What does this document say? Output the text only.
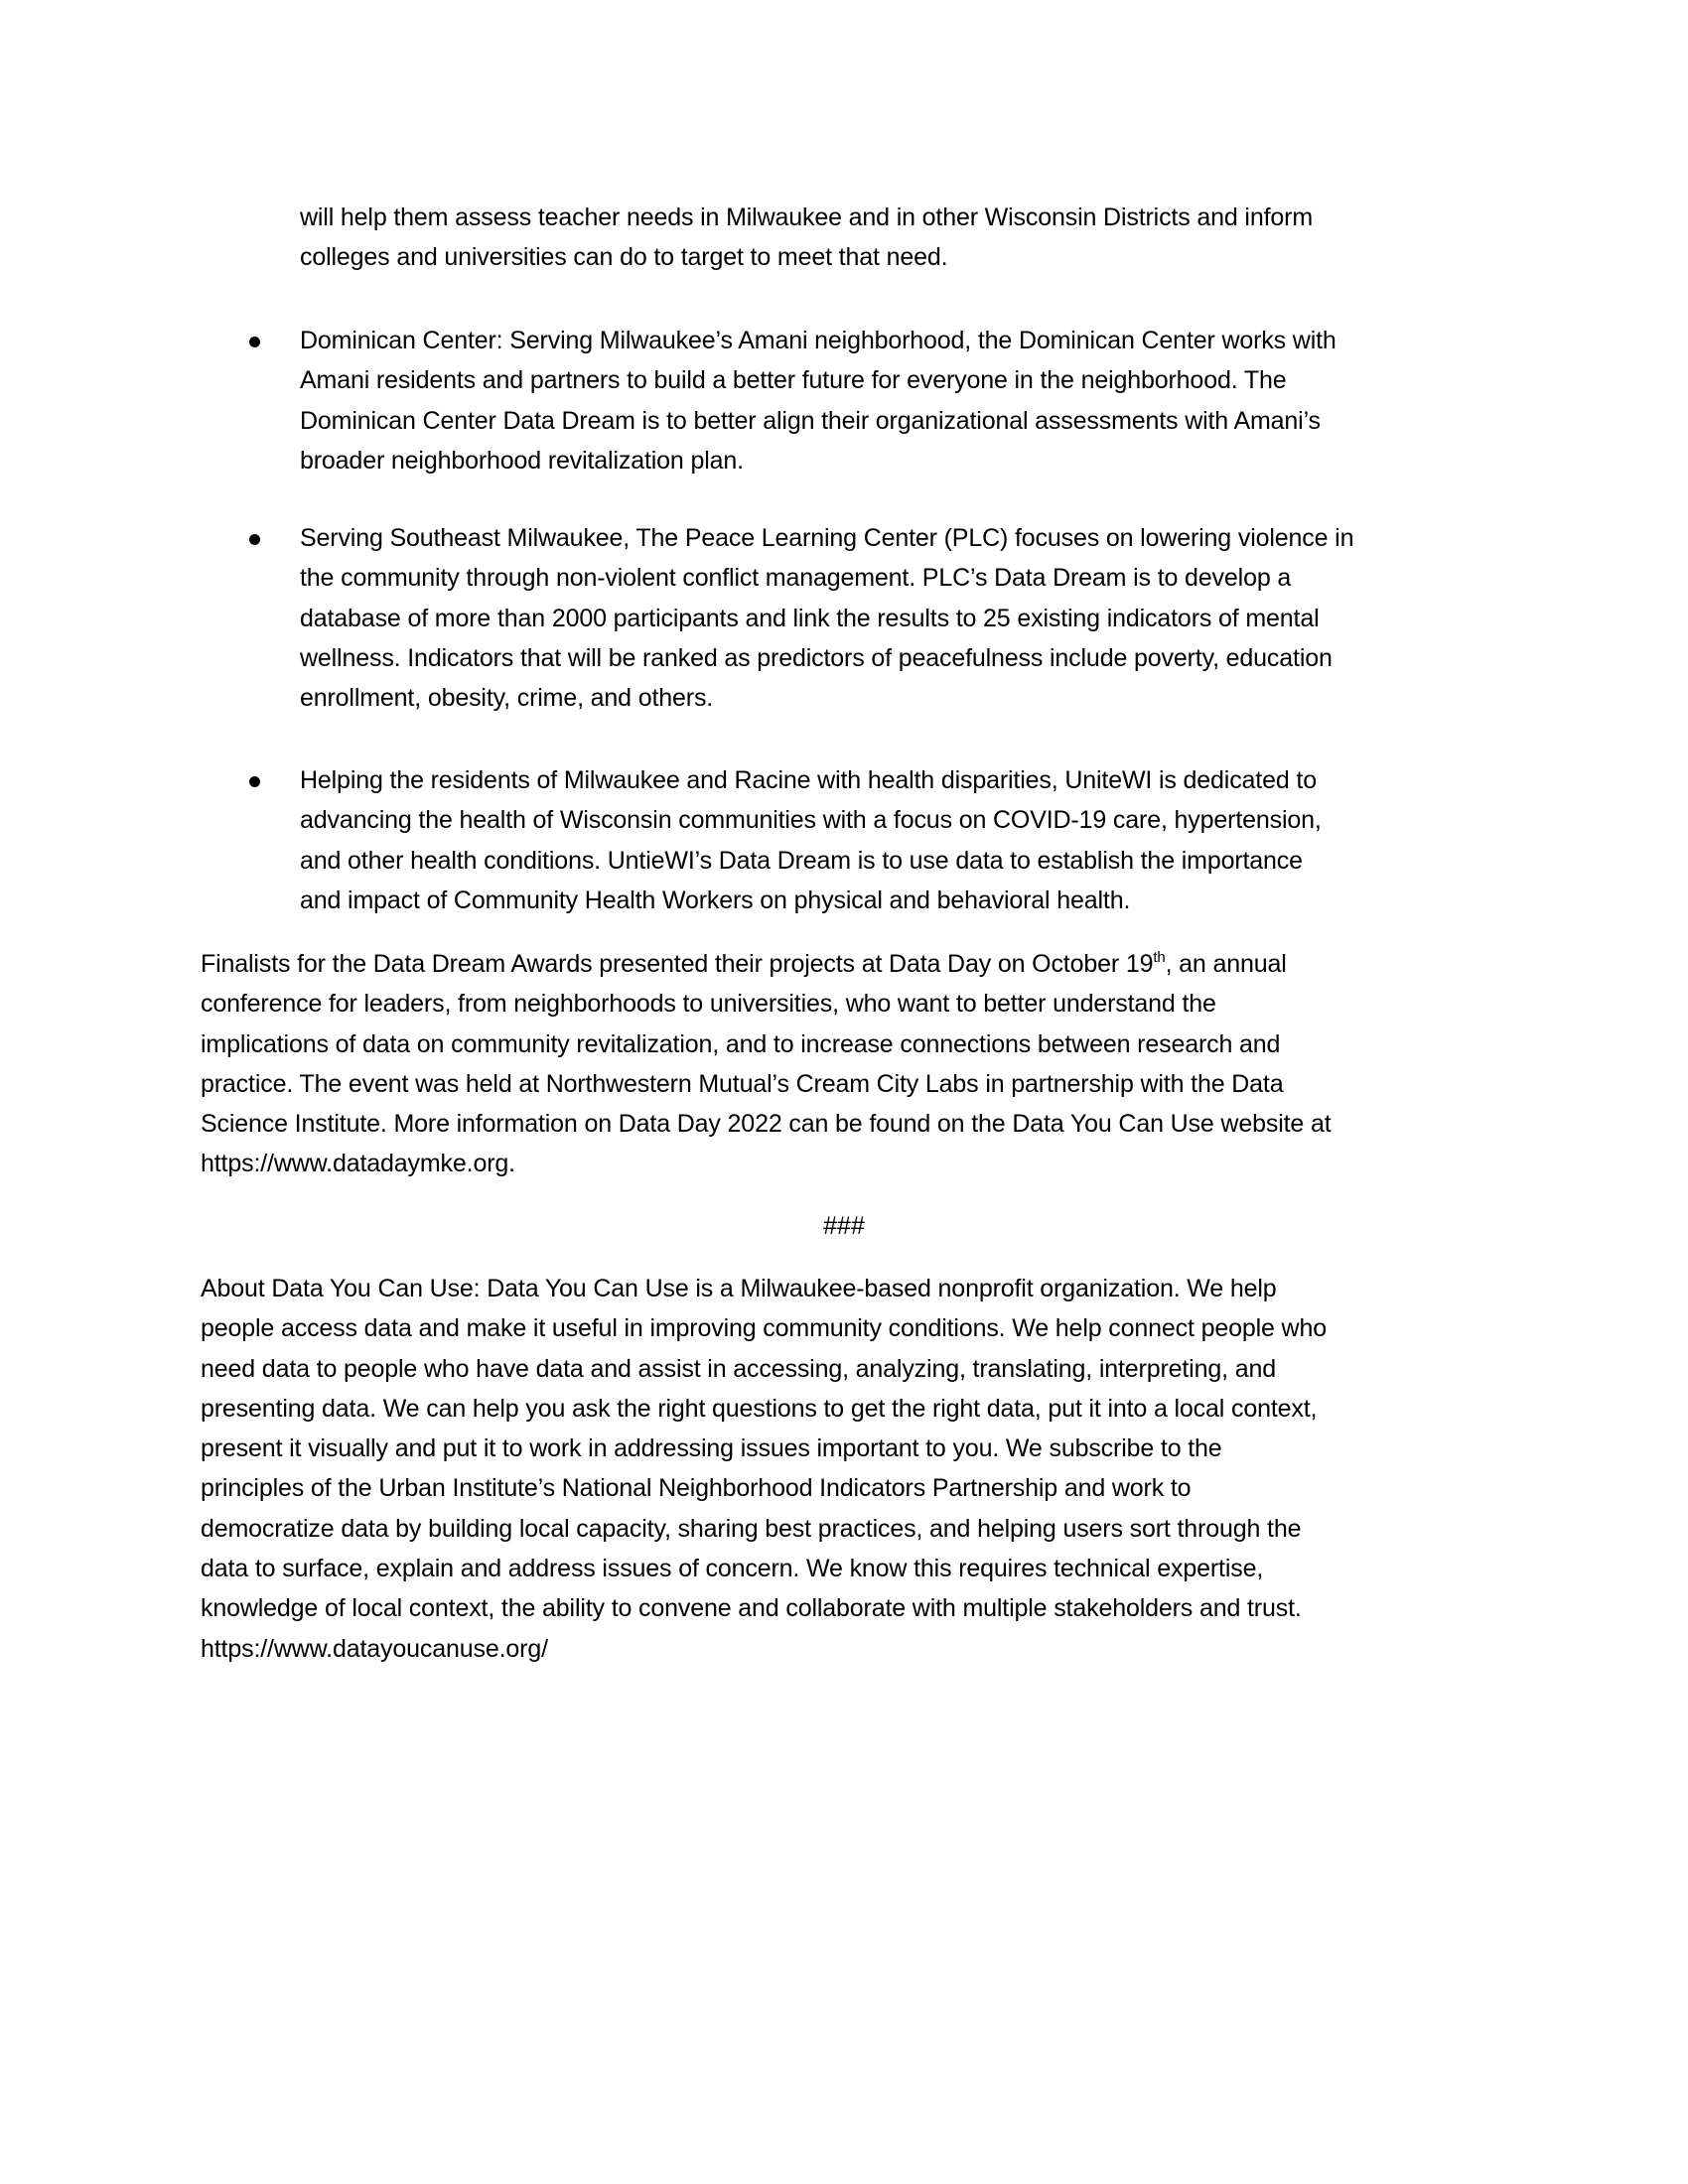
will help them assess teacher needs in Milwaukee and in other Wisconsin Districts and inform
colleges and universities can do to target to meet that need.
Dominican Center: Serving Milwaukee’s Amani neighborhood, the Dominican Center works with
Amani residents and partners to build a better future for everyone in the neighborhood. The
Dominican Center Data Dream is to better align their organizational assessments with Amani’s
broader neighborhood revitalization plan.
Serving Southeast Milwaukee, The Peace Learning Center (PLC) focuses on lowering violence in
the community through non-violent conflict management. PLC’s Data Dream is to develop a
database of more than 2000 participants and link the results to 25 existing indicators of mental
wellness. Indicators that will be ranked as predictors of peacefulness include poverty, education
enrollment, obesity, crime, and others.
Helping the residents of Milwaukee and Racine with health disparities, UniteWI is dedicated to
advancing the health of Wisconsin communities with a focus on COVID-19 care, hypertension,
and other health conditions. UntieWI’s Data Dream is to use data to establish the importance
and impact of Community Health Workers on physical and behavioral health.
Finalists for the Data Dream Awards presented their projects at Data Day on October 19th, an annual
conference for leaders, from neighborhoods to universities, who want to better understand the
implications of data on community revitalization, and to increase connections between research and
practice. The event was held at Northwestern Mutual’s Cream City Labs in partnership with the Data
Science Institute. More information on Data Day 2022 can be found on the Data You Can Use website at
https://www.datadaymke.org.
###
About Data You Can Use: Data You Can Use is a Milwaukee-based nonprofit organization. We help
people access data and make it useful in improving community conditions. We help connect people who
need data to people who have data and assist in accessing, analyzing, translating, interpreting, and
presenting data. We can help you ask the right questions to get the right data, put it into a local context,
present it visually and put it to work in addressing issues important to you. We subscribe to the
principles of the Urban Institute’s National Neighborhood Indicators Partnership and work to
democratize data by building local capacity, sharing best practices, and helping users sort through the
data to surface, explain and address issues of concern. We know this requires technical expertise,
knowledge of local context, the ability to convene and collaborate with multiple stakeholders and trust.
https://www.datayoucanuse.org/
